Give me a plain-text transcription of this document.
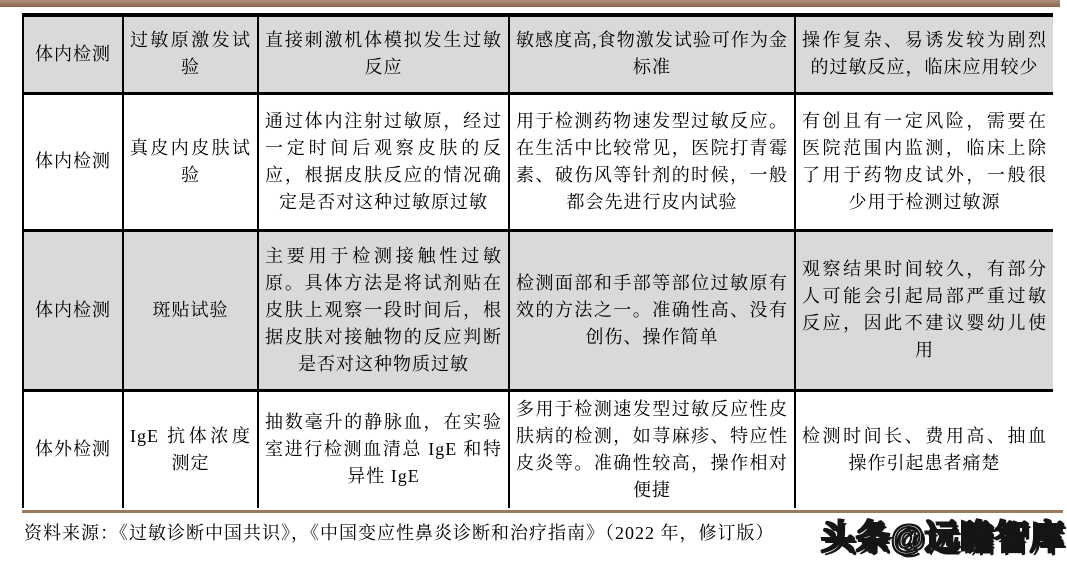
体内检测	过敏原激发试验	直接刺激机体模拟发生过敏反应	敏感度高,食物激发试验可作为金标准	操作复杂、易诱发较为剧烈的过敏反应，临床应用较少
体内检测	真皮内皮肤试验	通过体内注射过敏原，经过一定时间后观察皮肤的反应，根据皮肤反应的情况确定是否对这种过敏原过敏	用于检测药物速发型过敏反应。在生活中比较常见，医院打青霉素、破伤风等针剂的时候，一般都会先进行皮内试验	有创且有一定风险，需要在医院范围内监测，临床上除了用于药物皮试外，一般很少用于检测过敏源
体内检测	斑贴试验	主要用于检测接触性过敏原。具体方法是将试剂贴在皮肤上观察一段时间后，根据皮肤对接触物的反应判断是否对这种物质过敏	检测面部和手部等部位过敏原有效的方法之一。准确性高、没有创伤、操作简单	观察结果时间较久，有部分人可能会引起局部严重过敏反应，因此不建议婴幼儿使用
体外检测	IgE 抗体浓度测定	抽数毫升的静脉血，在实验室进行检测血清总 IgE 和特异性 IgE	多用于检测速发型过敏反应性皮肤病的检测，如荨麻疹、特应性皮炎等。准确性较高，操作相对便捷	检测时间长、费用高、抽血操作引起患者痛楚
资料来源：《过敏诊断中国共识》，《中国变应性鼻炎诊断和治疗指南》（2022 年，修订版）	头条@远瞻智库
